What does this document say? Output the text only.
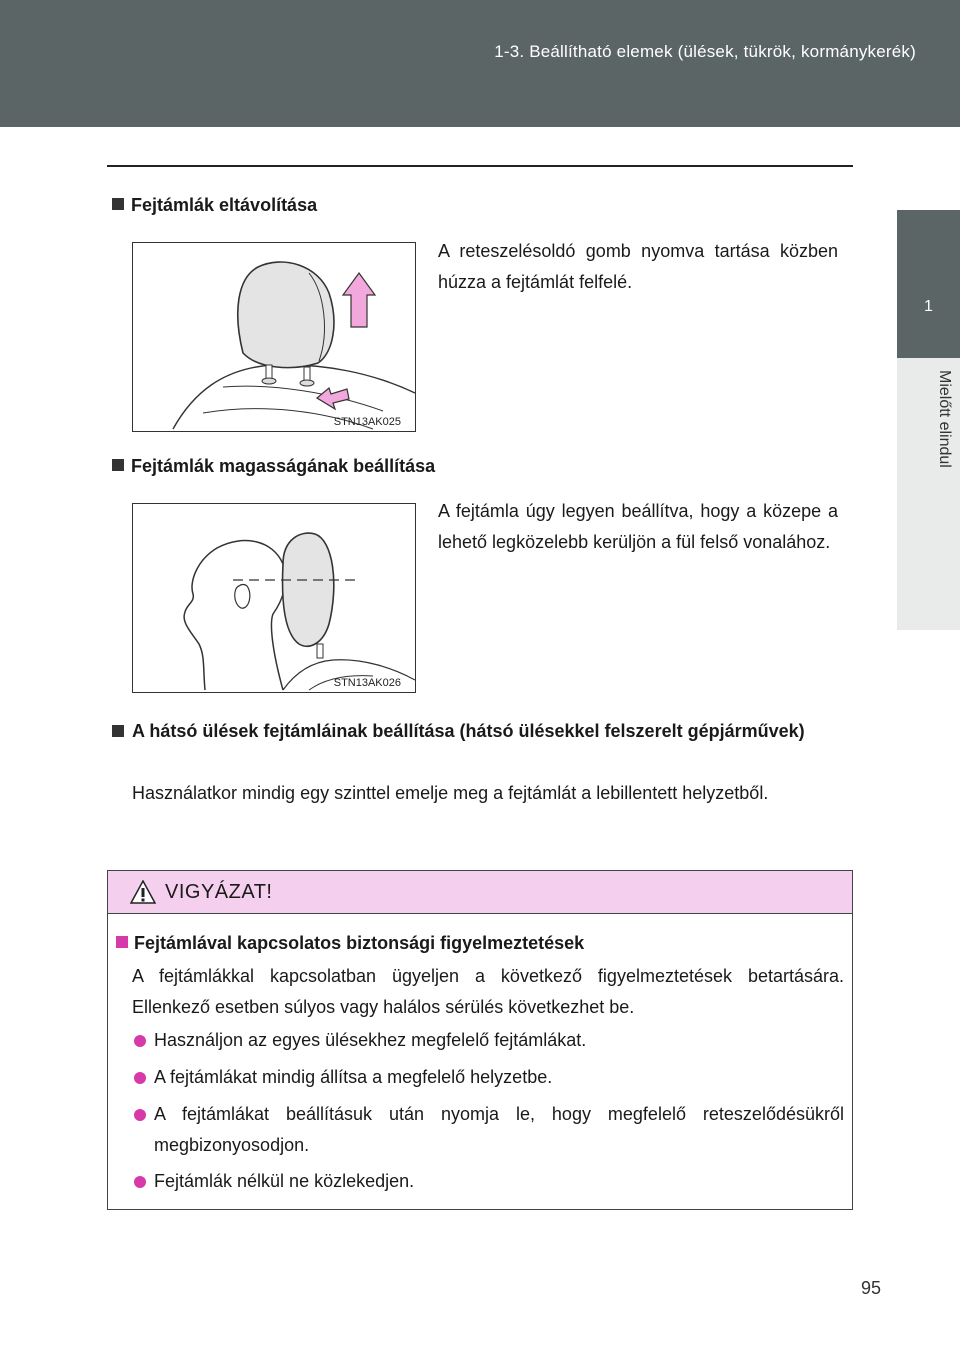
1-3. Beállítható elemek (ülések, tükrök, kormánykerék)
1
Mielőtt elindul
Fejtámlák eltávolítása
STN13AK025
A reteszelésoldó gomb nyomva tartása közben húzza a fejtámlát felfelé.
Fejtámlák magasságának beállítása
STN13AK026
A fejtámla úgy legyen beállítva, hogy a közepe a lehető legközelebb kerüljön a fül felső vonalához.
A hátsó ülések fejtámláinak beállítása (hátsó ülésekkel felszerelt gépjárművek)
Használatkor mindig egy szinttel emelje meg a fejtámlát a lebillentett helyzetből.
VIGYÁZAT!
Fejtámlával kapcsolatos biztonsági figyelmeztetések
A fejtámlákkal kapcsolatban ügyeljen a következő figyelmeztetések betartására. Ellenkező esetben súlyos vagy halálos sérülés következhet be.
Használjon az egyes ülésekhez megfelelő fejtámlákat.
A fejtámlákat mindig állítsa a megfelelő helyzetbe.
A fejtámlákat beállításuk után nyomja le, hogy megfelelő reteszelődésükről megbizonyosodjon.
Fejtámlák nélkül ne közlekedjen.
95
